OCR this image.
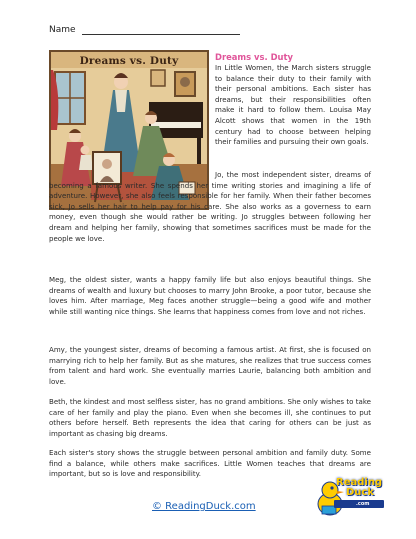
Name
Dreams vs. Duty	Dreams vs. Duty

In Little Women, the March sisters struggle to balance their duty to their family with their personal ambitions. Each sister has dreams, but their responsibilities often make it hard to follow them. Louisa May Alcott shows that women in the 19th century had to choose between helping their families and pursuing their own goals.

Jo, the most independent sister, dreams of becoming a famous writer. She spends her time writing stories and imagining a life of adventure. However, she also feels responsible for her family. When their father becomes sick, Jo sells her hair to help pay for his care. She also works as a governess to earn money, even though she would rather be writing. Jo struggles between following her dream and helping her family, showing that sometimes sacrifices must be made for the people we love.

Meg, the oldest sister, wants a happy family life but also enjoys beautiful things. She dreams of wealth and luxury but chooses to marry John Brooke, a poor tutor, because she loves him. After marriage, Meg faces another struggle—being a good wife and mother while still wanting nice things. She learns that happiness comes from love and not riches.

Amy, the youngest sister, dreams of becoming a famous artist. At first, she is focused on marrying rich to help her family. But as she matures, she realizes that true success comes from talent and hard work. She eventually marries Laurie, balancing both ambition and love.

Beth, the kindest and most selfless sister, has no grand ambitions. She only wishes to take care of her family and play the piano. Even when she becomes ill, she continues to put others before herself. Beth represents the idea that caring for others can be just as important as chasing big dreams.

Each sister's story shows the struggle between personal ambition and family duty. Some find a balance, while others make sacrifices. Little Women teaches that dreams are important, but so is love and responsibility.

© ReadingDuck.com
Reading
Duck
.com
